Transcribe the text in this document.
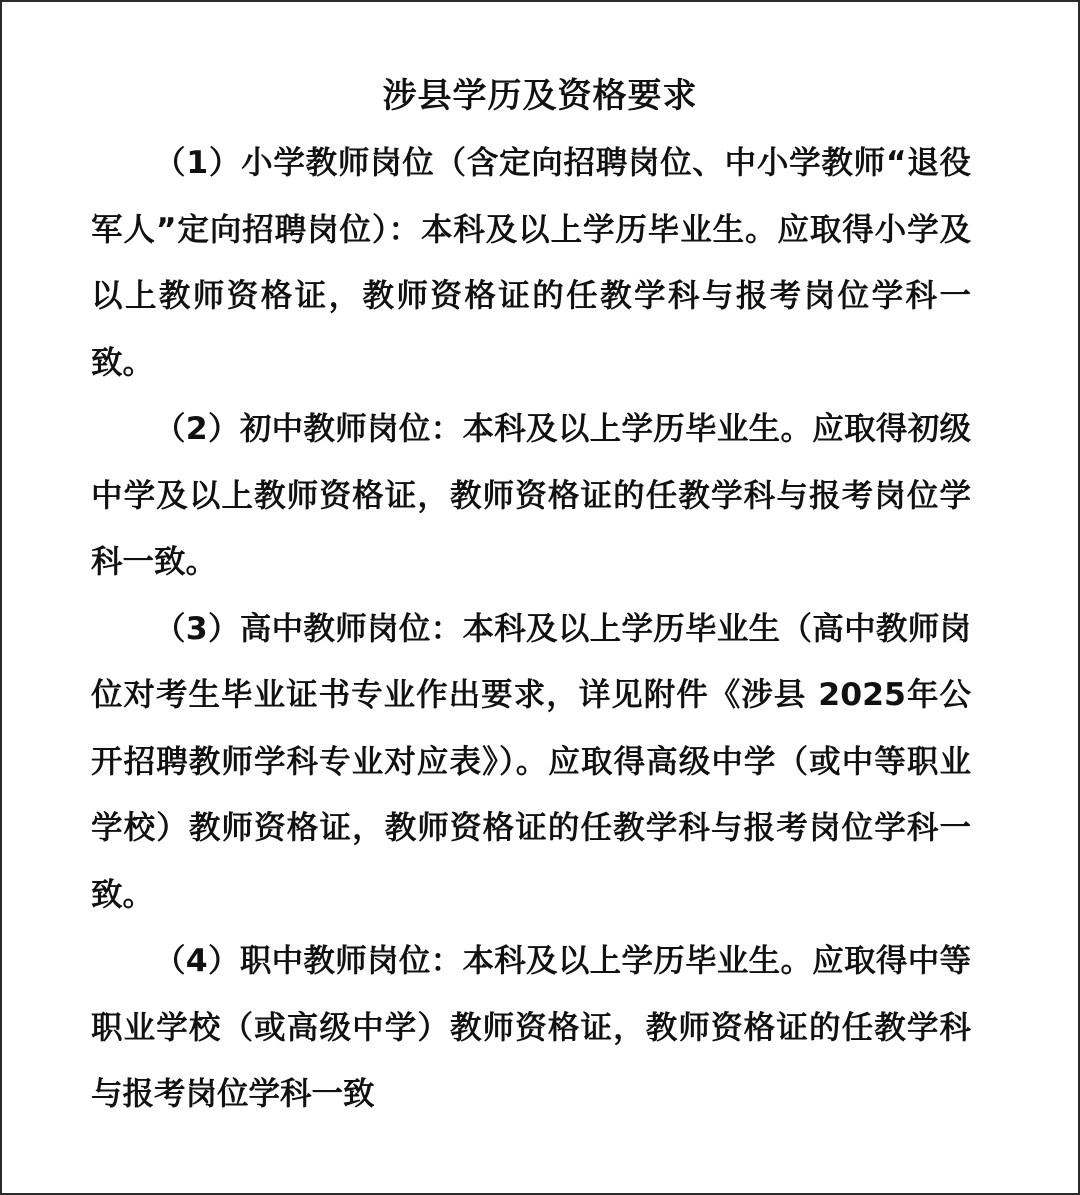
涉县学历及资格要求

（1）小学教师岗位（含定向招聘岗位、中小学教师“退役军人”定向招聘岗位）：本科及以上学历毕业生。应取得小学及以上教师资格证，教师资格证的任教学科与报考岗位学科一致。

（2）初中教师岗位：本科及以上学历毕业生。应取得初级中学及以上教师资格证，教师资格证的任教学科与报考岗位学科一致。

（3）高中教师岗位：本科及以上学历毕业生（高中教师岗位对考生毕业证书专业作出要求，详见附件《涉县 2025年公开招聘教师学科专业对应表》）。应取得高级中学（或中等职业学校）教师资格证，教师资格证的任教学科与报考岗位学科一致。

（4）职中教师岗位：本科及以上学历毕业生。应取得中等职业学校（或高级中学）教师资格证，教师资格证的任教学科与报考岗位学科一致
